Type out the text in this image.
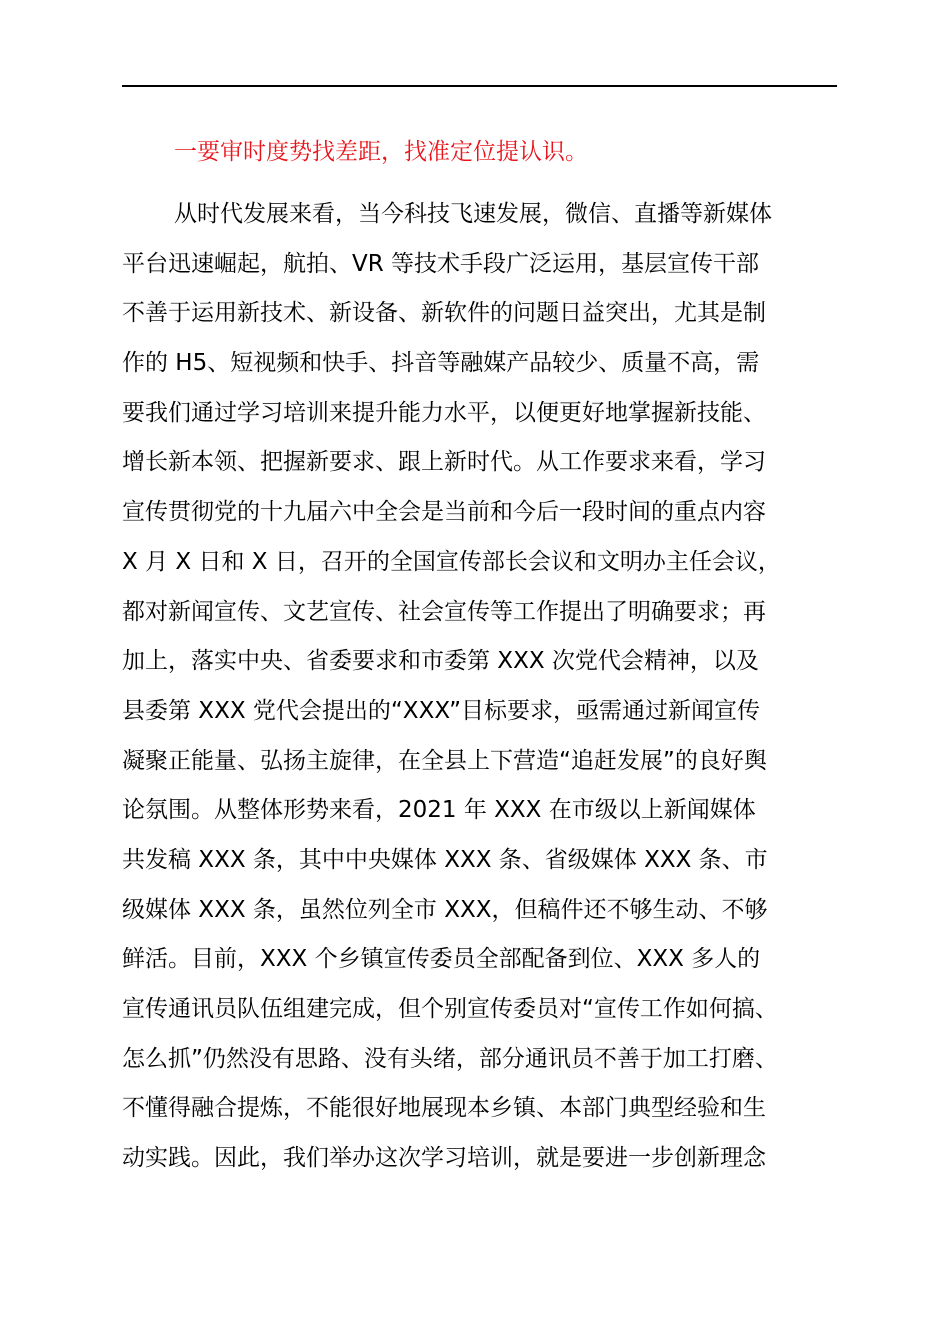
一要审时度势找差距，找准定位提认识。

从时代发展来看，当今科技飞速发展，微信、直播等新媒体
平台迅速崛起，航拍、VR 等技术手段广泛运用，基层宣传干部
不善于运用新技术、新设备、新软件的问题日益突出，尤其是制
作的 H5、短视频和快手、抖音等融媒产品较少、质量不高，需
要我们通过学习培训来提升能力水平，以便更好地掌握新技能、
增长新本领、把握新要求、跟上新时代。从工作要求来看，学习
宣传贯彻党的十九届六中全会是当前和今后一段时间的重点内容
X 月 X 日和 X 日，召开的全国宣传部长会议和文明办主任会议，
都对新闻宣传、文艺宣传、社会宣传等工作提出了明确要求；再
加上，落实中央、省委要求和市委第 XXX 次党代会精神，以及
县委第 XXX 党代会提出的“XXX”目标要求，亟需通过新闻宣传
凝聚正能量、弘扬主旋律，在全县上下营造“追赶发展”的良好舆
论氛围。从整体形势来看，2021 年 XXX 在市级以上新闻媒体
共发稿 XXX 条，其中中央媒体 XXX 条、省级媒体 XXX 条、市
级媒体 XXX 条，虽然位列全市 XXX，但稿件还不够生动、不够
鲜活。目前，XXX 个乡镇宣传委员全部配备到位、XXX 多人的
宣传通讯员队伍组建完成，但个别宣传委员对“宣传工作如何搞、
怎么抓”仍然没有思路、没有头绪，部分通讯员不善于加工打磨、
不懂得融合提炼，不能很好地展现本乡镇、本部门典型经验和生
动实践。因此，我们举办这次学习培训，就是要进一步创新理念
